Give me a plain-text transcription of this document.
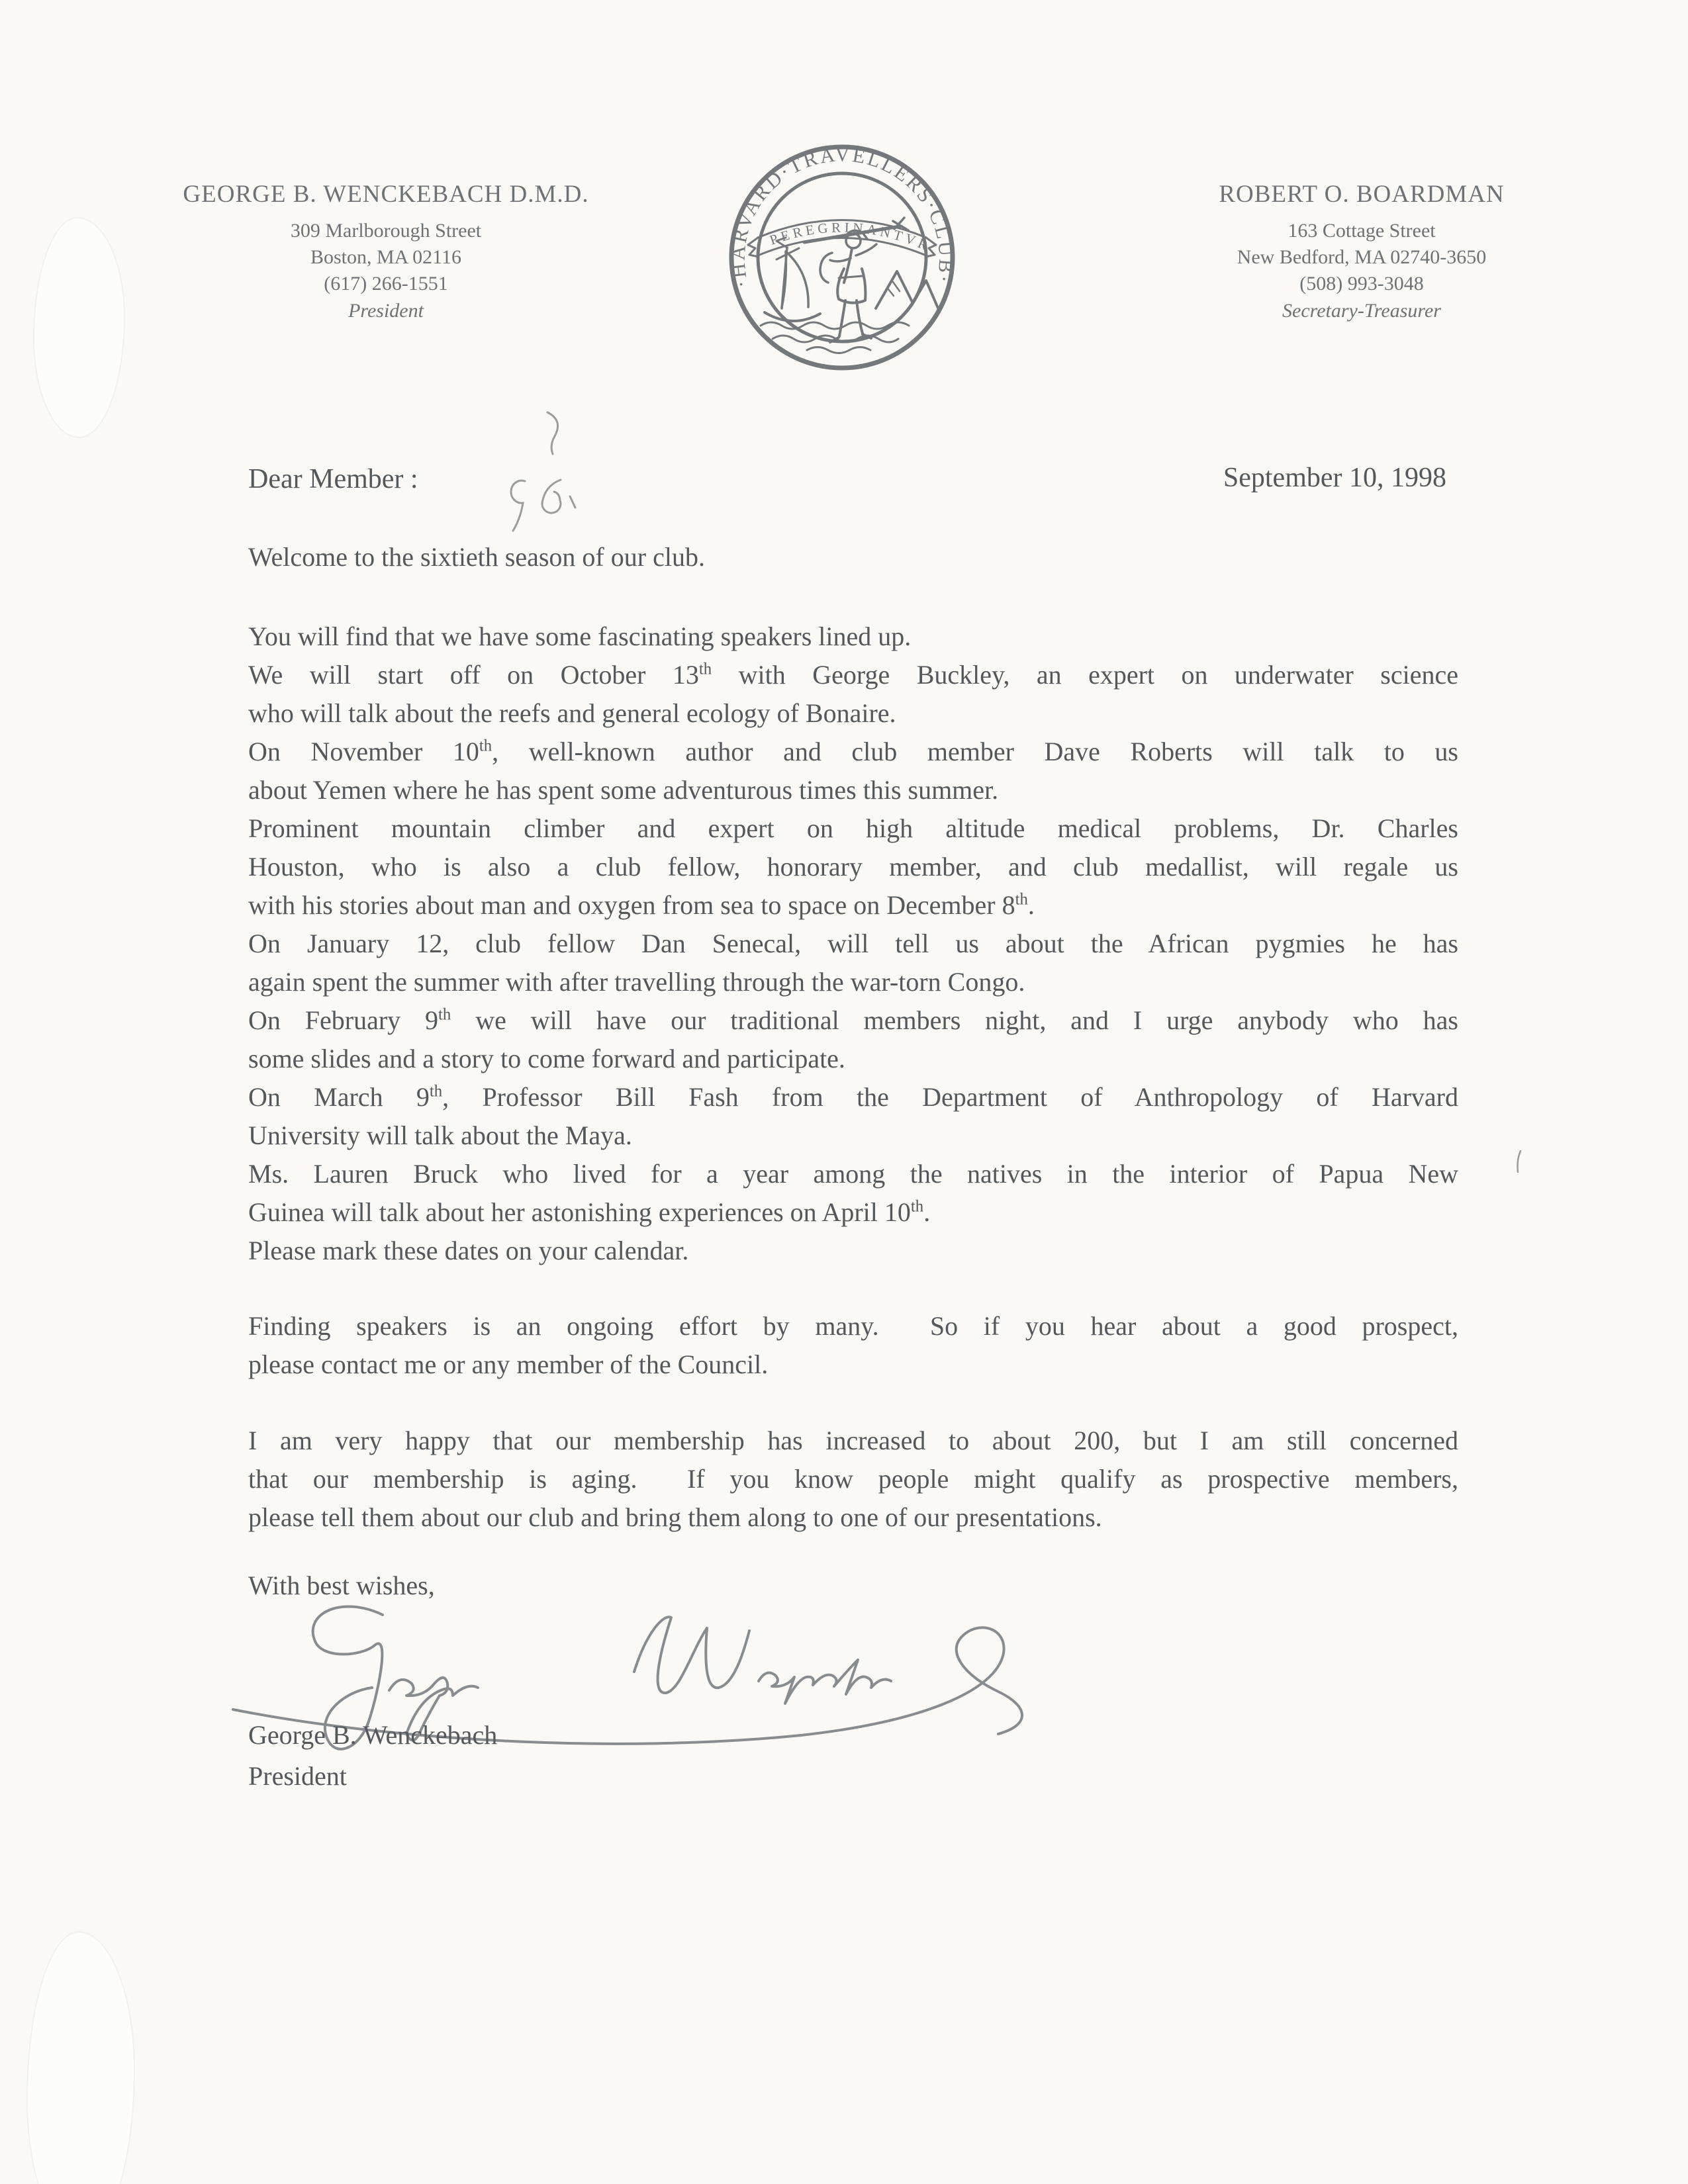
GEORGE B. WENCKEBACH D.M.D.
309 Marlborough Street
Boston, MA 02116
(617) 266-1551
President
·HARVARD·TRAVELLERS·CLUB·
PEREGRINANTVR
ROBERT O. BOARDMAN
163 Cottage Street
New Bedford, MA 02740-3650
(508) 993-3048
Secretary-Treasurer
Dear Member :	September 10, 1998
Welcome to the sixtieth season of our club.
You will find that we have some fascinating speakers lined up.
We will start off on October 13th with George Buckley, an expert on underwater science
who will talk about the reefs and general ecology of Bonaire.
On November 10th, well-known author and club member Dave Roberts will talk to us
about Yemen where he has spent some adventurous times this summer.
Prominent mountain climber and expert on high altitude medical problems, Dr. Charles
Houston, who is also a club fellow, honorary member, and club medallist, will regale us
with his stories about man and oxygen from sea to space on December 8th.
On January 12, club fellow Dan Senecal, will tell us about the African pygmies he has
again spent the summer with after travelling through the war-torn Congo.
On February 9th we will have our traditional members night, and I urge anybody who has
some slides and a story to come forward and participate.
On March 9th, Professor Bill Fash from the Department of Anthropology of Harvard
University will talk about the Maya.
Ms. Lauren Bruck who lived for a year among the natives in the interior of Papua New
Guinea will talk about her astonishing experiences on April 10th.
Please mark these dates on your calendar.
Finding speakers is an ongoing effort by many.  So if you hear about a good prospect,
please contact me or any member of the Council.
I am very happy that our membership has increased to about 200, but I am still concerned
that our membership is aging.  If you know people might qualify as prospective members,
please tell them about our club and bring them along to one of our presentations.
With best wishes,
George B. Wenckebach
President
